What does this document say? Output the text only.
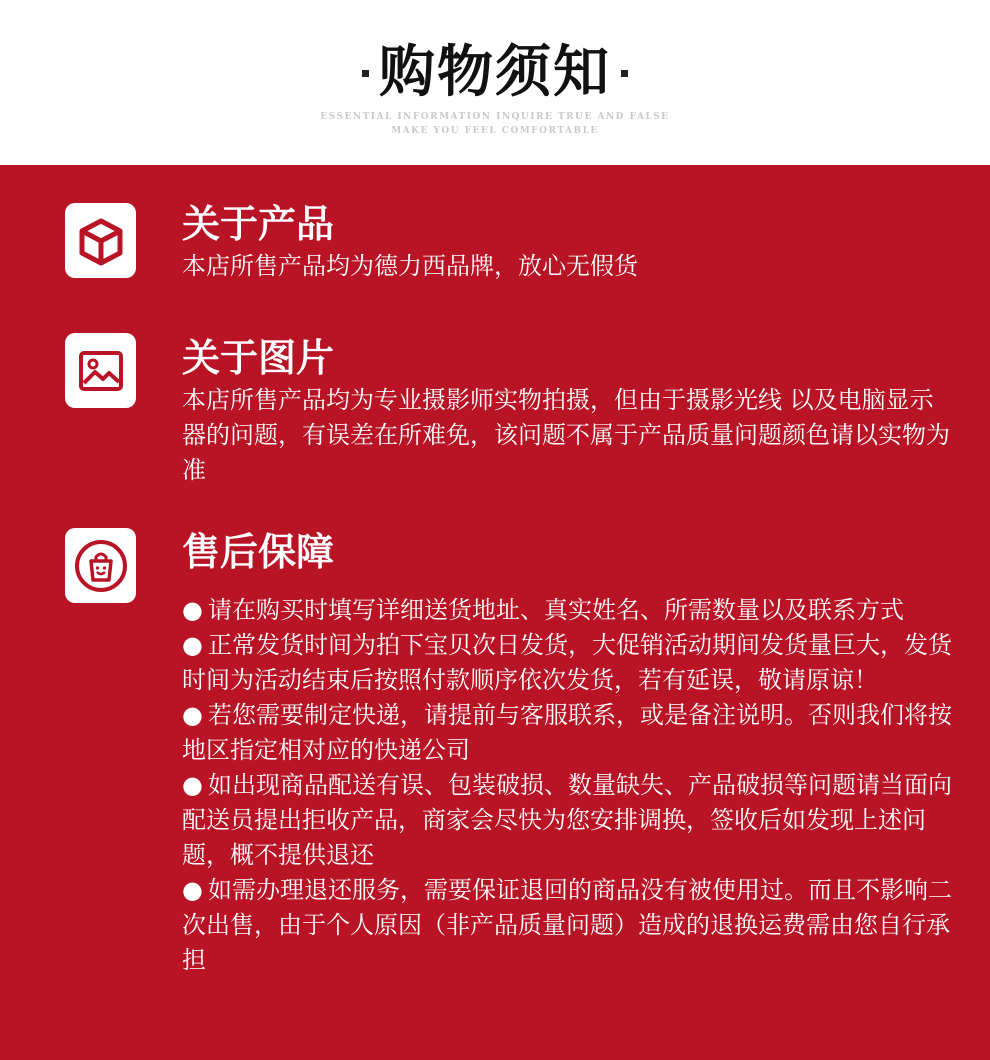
购物须知
ESSENTIAL INFORMATION INQUIRE TRUE AND FALSE
MAKE YOU FEEL COMFORTABLE

关于产品

本店所售产品均为德力西品牌，放心无假货

关于图片

本店所售产品均为专业摄影师实物拍摄，但由于摄影光线 以及电脑显示器的问题，有误差在所难免，该问题不属于产品质量问题颜色请以实物为准

售后保障

● 请在购买时填写详细送货地址、真实姓名、所需数量以及联系方式
● 正常发货时间为拍下宝贝次日发货，大促销活动期间发货量巨大，发货时间为活动结束后按照付款顺序依次发货，若有延误，敬请原谅！
● 若您需要制定快递，请提前与客服联系，或是备注说明。否则我们将按地区指定相对应的快递公司
● 如出现商品配送有误、包装破损、数量缺失、产品破损等问题请当面向配送员提出拒收产品，商家会尽快为您安排调换，签收后如发现上述问题，概不提供退还
● 如需办理退还服务，需要保证退回的商品没有被使用过。而且不影响二次出售，由于个人原因（非产品质量问题）造成的退换运费需由您自行承担
